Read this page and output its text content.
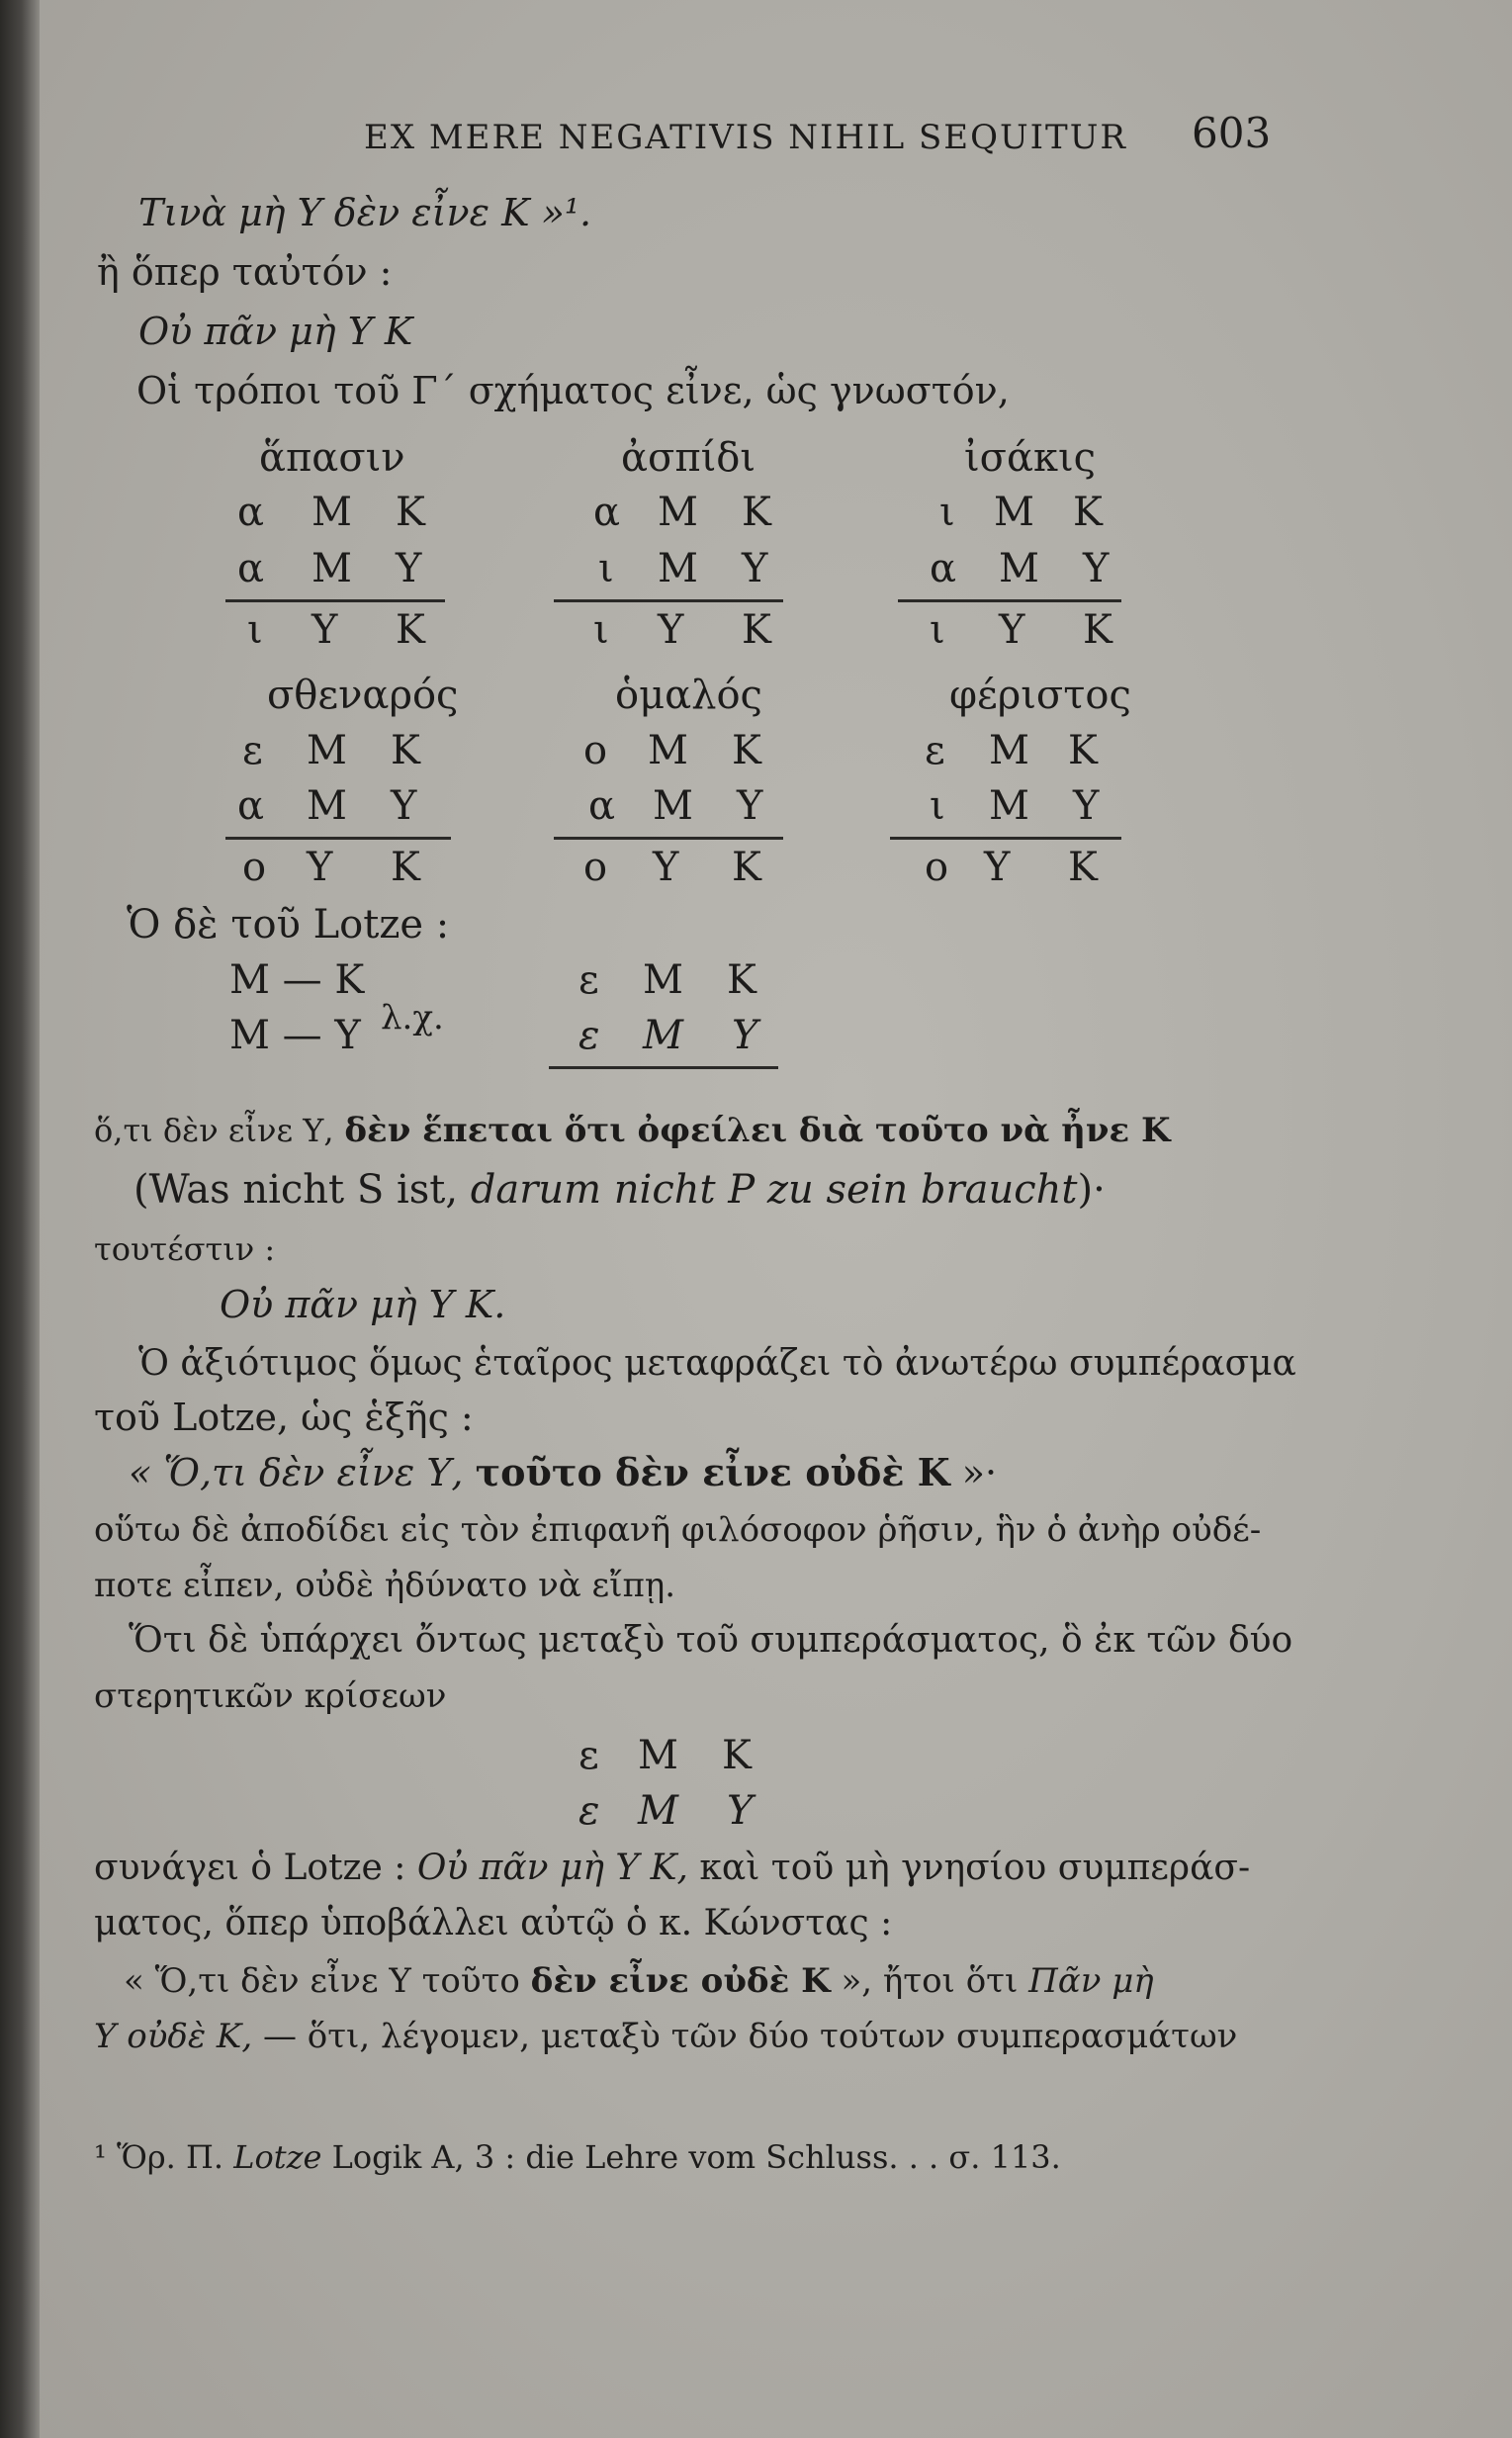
EX MERE NEGATIVIS NIHIL SEQUITUR 603
Τινὰ μὴ Υ δὲν εἶνε Κ »¹.
ἢ ὅπερ ταὐτόν :
Οὐ πᾶν μὴ Υ Κ
Οἱ τρόποι τοῦ Γ΄ σχήματος εἶνε, ὡς γνωστόν,
ἅπασιν
α Μ Κ
α Μ Υ
ι Υ Κ
ἀσπίδι
α Μ Κ
ι Μ Υ
ι Υ Κ
ἰσάκις
ι Μ Κ
α Μ Υ
ι Υ Κ
σθεναρός
ε Μ Κ
α Μ Υ
ο Υ Κ
ὁμαλός
ο Μ Κ
α Μ Υ
ο Υ Κ
φέριστος
ε Μ Κ
ι Μ Υ
ο Υ Κ
Ὁ δὲ τοῦ Lotze :
Μ — Κ
Μ — Υ λ.χ.
ε Μ Κ
ε Μ Υ
ὅ,τι δὲν εἶνε Υ, δὲν ἕπεται ὅτι ὀφείλει διὰ τοῦτο νὰ ἦνε Κ
(Was nicht S ist, darum nicht P zu sein braucht)·
τουτέστιν :
Οὐ πᾶν μὴ Υ Κ.
Ὁ ἀξιότιμος ὅμως ἑταῖρος μεταφράζει τὸ ἀνωτέρω συμπέρασμα
τοῦ Lotze, ὡς ἑξῆς :
« Ὅ,τι δὲν εἶνε Υ, τοῦτο δὲν εἶνε οὐδὲ Κ »·
οὕτω δὲ ἀποδίδει εἰς τὸν ἐπιφανῆ φιλόσοφον ῥῆσιν, ἣν ὁ ἀνὴρ οὐδέ-
ποτε εἶπεν, οὐδὲ ἠδύνατο νὰ εἴπῃ.
Ὅτι δὲ ὑπάρχει ὄντως μεταξὺ τοῦ συμπεράσματος, ὃ ἐκ τῶν δύο
στερητικῶν κρίσεων
ε Μ Κ
ε Μ Υ
συνάγει ὁ Lotze : Οὐ πᾶν μὴ Υ Κ, καὶ τοῦ μὴ γνησίου συμπεράσ-
ματος, ὅπερ ὑποβάλλει αὐτῷ ὁ κ. Κώνστας :
« Ὅ,τι δὲν εἶνε Υ τοῦτο δὲν εἶνε οὐδὲ Κ », ἤτοι ὅτι Πᾶν μὴ
Υ οὐδὲ Κ, — ὅτι, λέγομεν, μεταξὺ τῶν δύο τούτων συμπερασμάτων
¹ Ὅρ. Π. Lotze Logik A, 3 : die Lehre vom Schluss. . . σ. 113.
